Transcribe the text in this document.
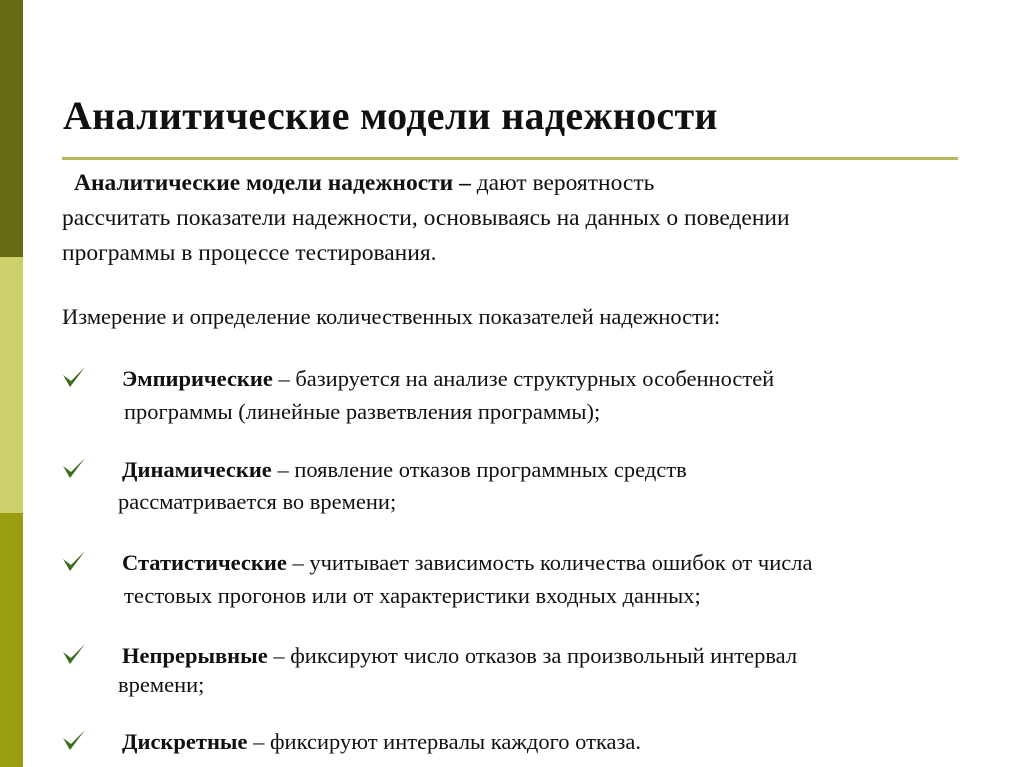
Аналитические модели надежности
Аналитические модели надежности – дают вероятность
рассчитать показатели надежности, основываясь на данных о поведении
программы в процессе тестирования.
Измерение и определение количественных показателей надежности:
Эмпирические – базируется на анализе структурных особенностей
программы (линейные разветвления программы);
Динамические – появление отказов программных средств
рассматривается во времени;
Статистические – учитывает зависимость количества ошибок от числа
тестовых прогонов или от характеристики входных данных;
Непрерывные – фиксируют число отказов за произвольный интервал
времени;
Дискретные – фиксируют интервалы каждого отказа.
